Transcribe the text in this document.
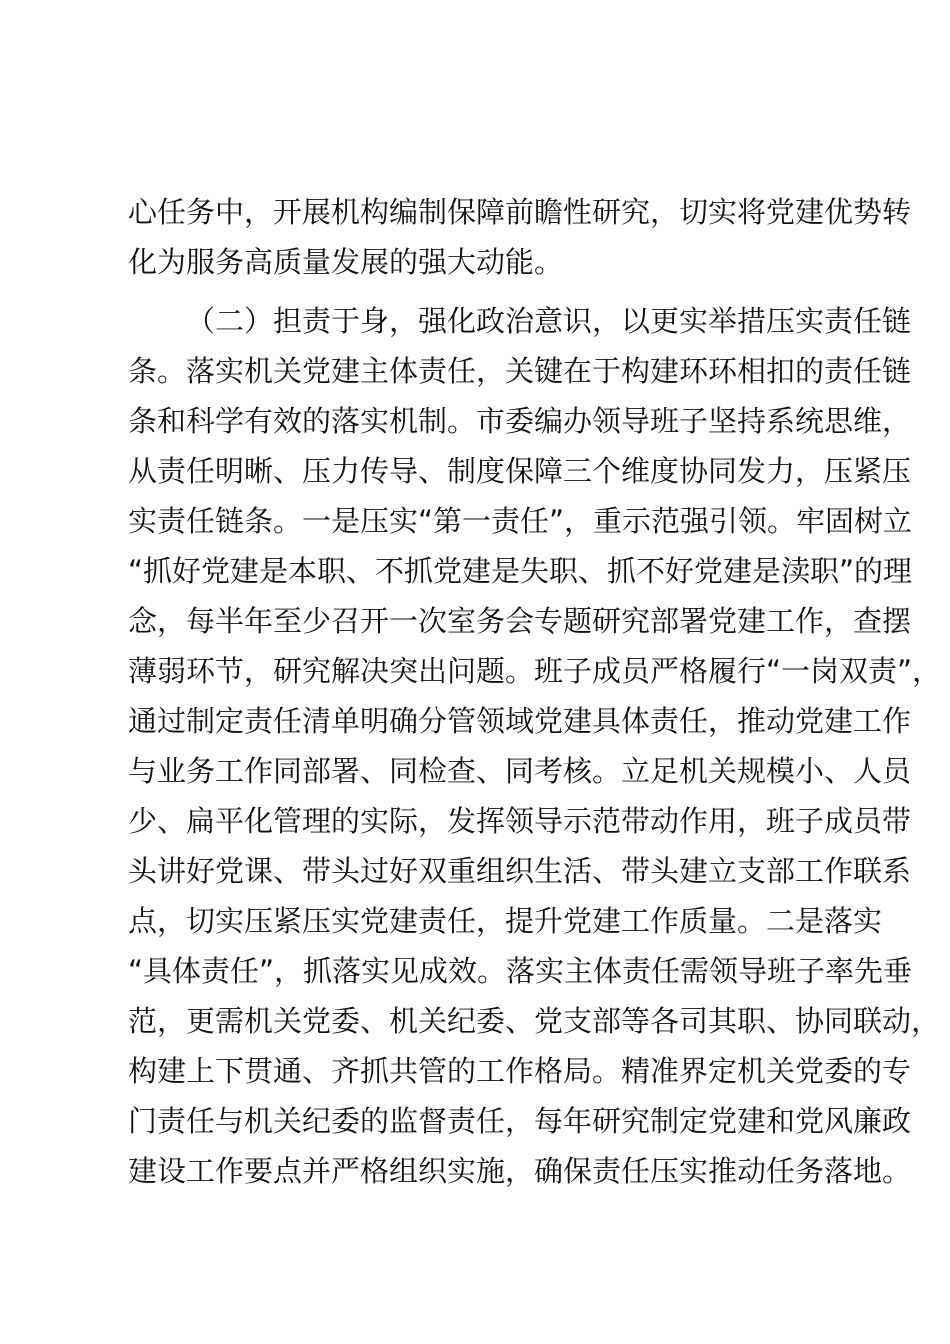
心任务中，开展机构编制保障前瞻性研究，切实将党建优势转
化为服务高质量发展的强大动能。
（二）担责于身，强化政治意识，以更实举措压实责任链
条。落实机关党建主体责任，关键在于构建环环相扣的责任链
条和科学有效的落实机制。市委编办领导班子坚持系统思维，
从责任明晰、压力传导、制度保障三个维度协同发力，压紧压
实责任链条。一是压实“第一责任”，重示范强引领。牢固树立
“抓好党建是本职、不抓党建是失职、抓不好党建是渎职”的理
念，每半年至少召开一次室务会专题研究部署党建工作，查摆
薄弱环节，研究解决突出问题。班子成员严格履行“一岗双责”，
通过制定责任清单明确分管领域党建具体责任，推动党建工作
与业务工作同部署、同检查、同考核。立足机关规模小、人员
少、扁平化管理的实际，发挥领导示范带动作用，班子成员带
头讲好党课、带头过好双重组织生活、带头建立支部工作联系
点，切实压紧压实党建责任，提升党建工作质量。二是落实
“具体责任”，抓落实见成效。落实主体责任需领导班子率先垂
范，更需机关党委、机关纪委、党支部等各司其职、协同联动，
构建上下贯通、齐抓共管的工作格局。精准界定机关党委的专
门责任与机关纪委的监督责任，每年研究制定党建和党风廉政
建设工作要点并严格组织实施，确保责任压实推动任务落地。
